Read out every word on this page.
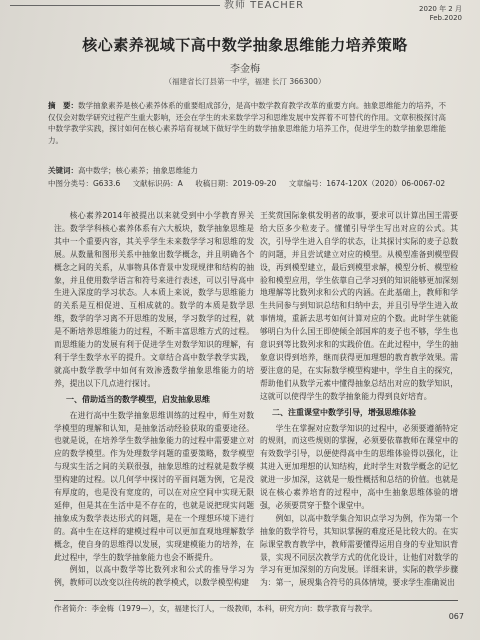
教师 TEACHER	2020 年 2 月
Feb.2020
核心素养视域下高中数学抽象思维能力培养策略
李金梅
（福建省长汀县第一中学，福建 长汀 366300）
摘　要：数学抽象素养是核心素养体系的重要组成部分，是高中数学教育教学改革的重要方向。抽象思维能力的培养，不仅仅会对数学研究过程产生重大影响，还会在学生的未来数学学习和思维发展中发挥着不可替代的作用。文章积极探讨高中数学教学实践，探讨如何在核心素养培育视域下做好学生的数学抽象思维能力培养工作，促进学生的数学抽象思维能力。
关键词：高中数学；核心素养；抽象思维能力
中图分类号：G633.6 文献标识码：A 收稿日期：2019-09-20 文章编号：1674-120X（2020）06-0067-02

核心素养2014年被提出以来就受到中小学教育界关注。数学学科核心素养体系有六大板块，数学抽象思维是其中一个重要内容，其关乎学生未来数学学习和思维的发展。从数量和图形关系中抽象出数学概念，并且明确各个概念之间的关系，从事物具体背景中发现规律和结构的抽象，并且使用数学语言和符号来进行表述，可以引导高中生进入深度的学习状态。人本质上来说，数学与思维能力的关系是互相促进、互相成就的。数学的本质是数学思维，数学的学习离不开思维的发展，学习数学的过程，就是不断培养思维能力的过程，不断丰富思维方式的过程。而思维能力的发展有利于促进学生对数学知识的理解，有利于学生数学水平的提升。文章结合高中数学教学实践，就高中数学教学中如何有效渗透数学抽象思维能力的培养，提出以下几点进行探讨。

一、借助适当的数学模型，启发抽象思维

在进行高中生数学抽象思维训练的过程中，师生对数学模型的理解和认知，是抽象活动经验获取的重要途径。也就是说，在培养学生数学抽象能力的过程中需要建立对应的数学模型。作为处理数学问题的重要策略，数学模型与现实生活之间的关联很强，抽象思维的过程就是数学模型构建的过程。以几何学中探讨的平面问题为例，它是没有厚度的，也是没有宽度的，可以在对应空间中实现无限延伸，但是其在生活中是不存在的，也就是说把现实问题抽象成为数学表达形式的问题，是在一个理想环境下进行的。高中生在这样的建模过程中可以更加直观地理解数学概念，使自身的思维得以发展，实现建模能力的培养，在此过程中，学生的数学抽象能力也会不断提升。

例如，以高中数学等比数列求和公式的推导学习为例，教师可以改变以往传统的教学模式，以数学模型构建

王奖赏国际象棋发明者的故事，要求可以计算出国王需要给大臣多少粒麦子。懂懂引导学生写出对应的公式。其次，引导学生进入自学的状态，让其探讨实际的麦子总数的问题，并且尝试建立对应的模型。从模型准备到模型假设，再到模型建立，最后到模型求解，模型分析、模型检验和模型应用，学生依靠自己学习到的知识能够更加深刻地理解等比数列求和公式的内涵。在此基础上，教师和学生共同参与到知识总结和归纳中去，并且引导学生进入故事情境，重新去思考如何计算对应的个数。此时学生就能够明白为什么国王即使倾全部国库的麦子也不够，学生也意识到等比数列求和的实践价值。在此过程中，学生的抽象意识得到培养，继而获得更加理想的教育教学效果。需要注意的是，在实际数学模型构建中，学生自主的探究，帮助他们从数学元素中懂得抽象总结出对应的数学知识，这就可以使得学生的数学抽象能力得到良好培育。

二、注重课堂中数学引导，增强思维体验

学生在掌握对应数学知识的过程中，必须要遵循特定的规则，而这些规则的掌握，必须要依靠教师在课堂中的有效数学引导，以便使得高中生的思维体验得以强化，让其进入更加理想的认知结构，此时学生对数学概念的记忆就进一步加深，这就是一般性概括和总结的价值。也就是说在核心素养培育的过程中，高中生抽象思维体验的增强，必须要贯穿于整个课堂中。

例如，以高中数学集合知识点学习为例，作为第一个抽象的数学符号，其知识掌握的难度还是比较大的。在实际课堂教育教学中，教师需要懂得运用自身的专业知识背景，实现不同层次教学方式的优化设计，让他们对数学的学习有更加深刻的方向发展。详细来讲，实际的教学步骤为：第一，展现集合符号的具体情境，要求学生准确说出

作者简介：李金梅（1979—），女，福建长汀人，一级教师，本科，研究方向：数学教育与教学。
067
